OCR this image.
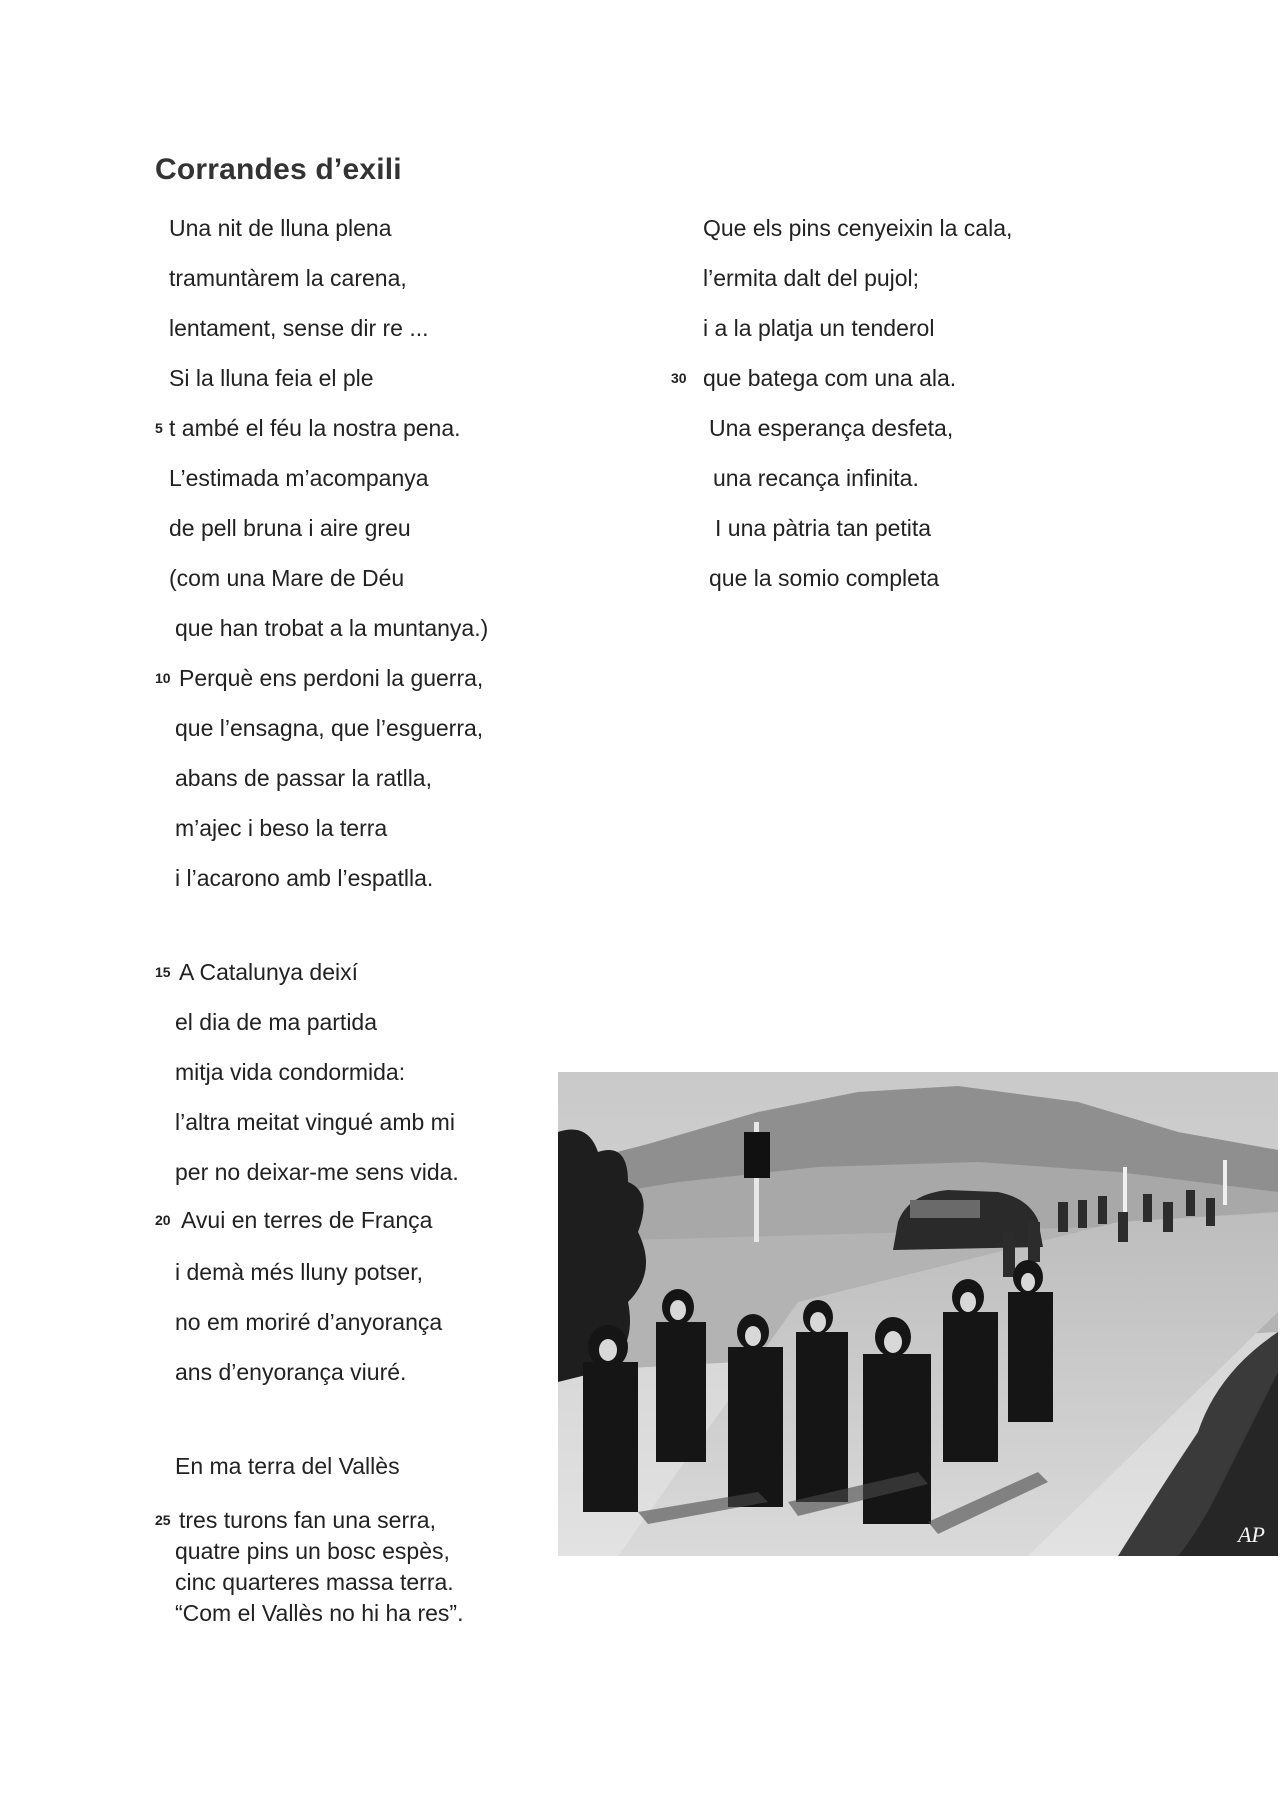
Corrandes d’exili
Una nit de lluna plena
tramuntàrem la carena,
lentament, sense dir re ...
Si la lluna feia el ple
5 t ambé el féu la nostra pena.
L’estimada m’acompanya
de pell bruna i aire greu
(com una Mare de Déu
que han trobat a la muntanya.)
10 Perquè ens perdoni la guerra,
que l’ensagna, que l’esguerra,
abans de passar la ratlla,
m’ajec i beso la terra
i l’acarono amb l’espatlla.
15 A Catalunya deixí
el dia de ma partida
mitja vida condormida:
l’altra meitat vingué amb mi
per no deixar-me sens vida.
20 Avui en terres de França
i demà més lluny potser,
no em moriré d’anyorança
ans d’enyorança viuré.
En ma terra del Vallès
25 tres turons fan una serra,
quatre pins un bosc espès,
cinc quarteres massa terra.
“Com el Vallès no hi ha res”.
Que els pins cenyeixin la cala,
l’ermita dalt del pujol;
i a la platja un tenderol
30 que batega com una ala.
Una esperança desfeta,
una recança infinita.
I una pàtria tan petita
que la somio completa
AP
